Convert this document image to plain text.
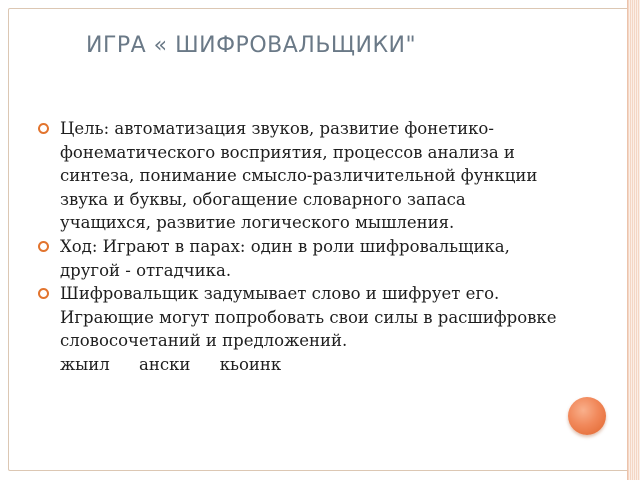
ИГРА « ШИФРОВАЛЬЩИКИ"
Цель: автоматизация звуков, развитие фонетико-фонематического восприятия, процессов анализа и синтеза, понимание смысло-различительной функции звука и буквы, обогащение словарного запаса учащихся, развитие логического мышления.
Ход: Играют в парах: один в роли шифровальщика, другой - отгадчика.
Шифровальщик задумывает слово и шифрует его. Играющие могут попробовать свои силы в расшифровке словосочетаний и предложений.
жыил ански кьоинк
